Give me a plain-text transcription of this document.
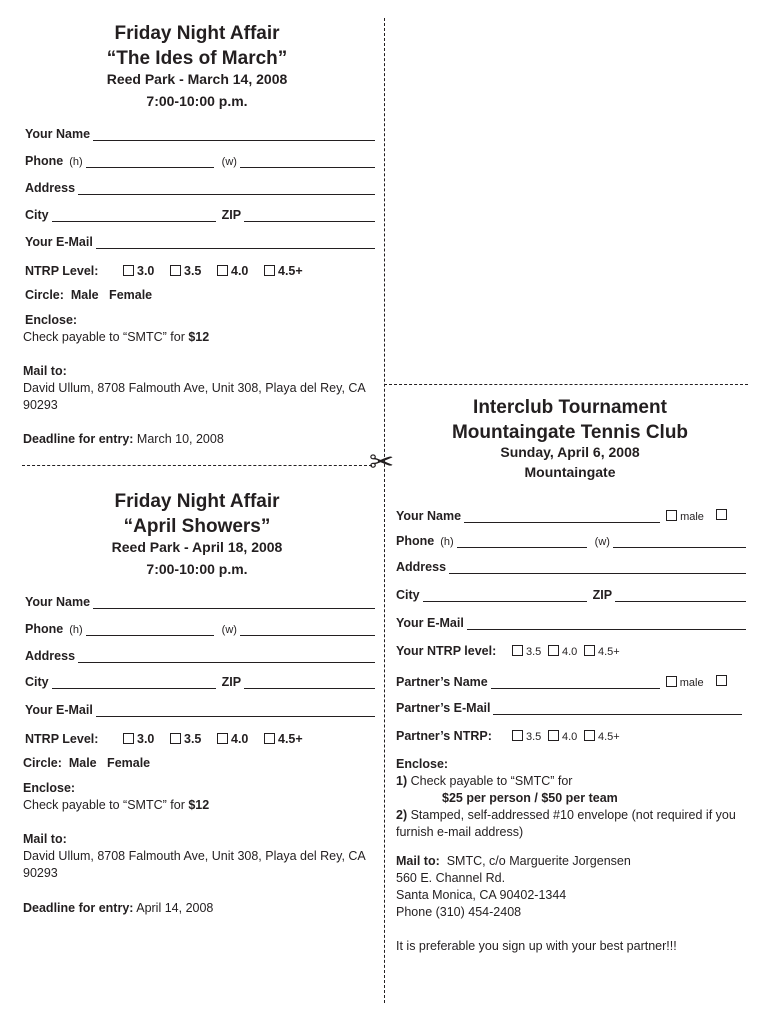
✂
Friday Night Affair
“The Ides of March”
Reed Park - March 14, 2008
7:00-10:00 p.m.
Your Name
Phone (h)	(w)
Address
City	ZIP
Your E-Mail
NTRP Level:	3.0	3.5	4.0	4.5+
Circle:  Male   Female
Enclose:
Check payable to “SMTC” for $12
Mail to:
David Ullum, 8708 Falmouth Ave, Unit 308, Playa del Rey, CA 90293
Deadline for entry: March 10, 2008
Friday Night Affair
“April Showers”
Reed Park - April 18, 2008
7:00-10:00 p.m.
Your Name
Phone (h)	(w)
Address
City	ZIP
Your E-Mail
NTRP Level:	3.0	3.5	4.0	4.5+
Circle:  Male   Female
Enclose:
Check payable to “SMTC” for $12
Mail to:
David Ullum, 8708 Falmouth Ave, Unit 308, Playa del Rey, CA 90293
Deadline for entry: April 14, 2008
Interclub Tournament
Mountaingate Tennis Club
Sunday, April 6, 2008
Mountaingate
Your Name	male
Phone (h)	(w)
Address
City	ZIP
Your E-Mail
Your NTRP level:	3.5	4.0	4.5+
Partner’s Name	male
Partner’s E-Mail
Partner’s NTRP:	3.5	4.0	4.5+
Enclose:
1) Check payable to “SMTC” for
$25 per person / $50 per team
2) Stamped, self-addressed #10 envelope (not required if you furnish e-mail address)
Mail to: SMTC, c/o Marguerite Jorgensen
560 E. Channel Rd.
Santa Monica, CA 90402-1344
Phone (310) 454-2408
It is preferable you sign up with your best partner!!!
